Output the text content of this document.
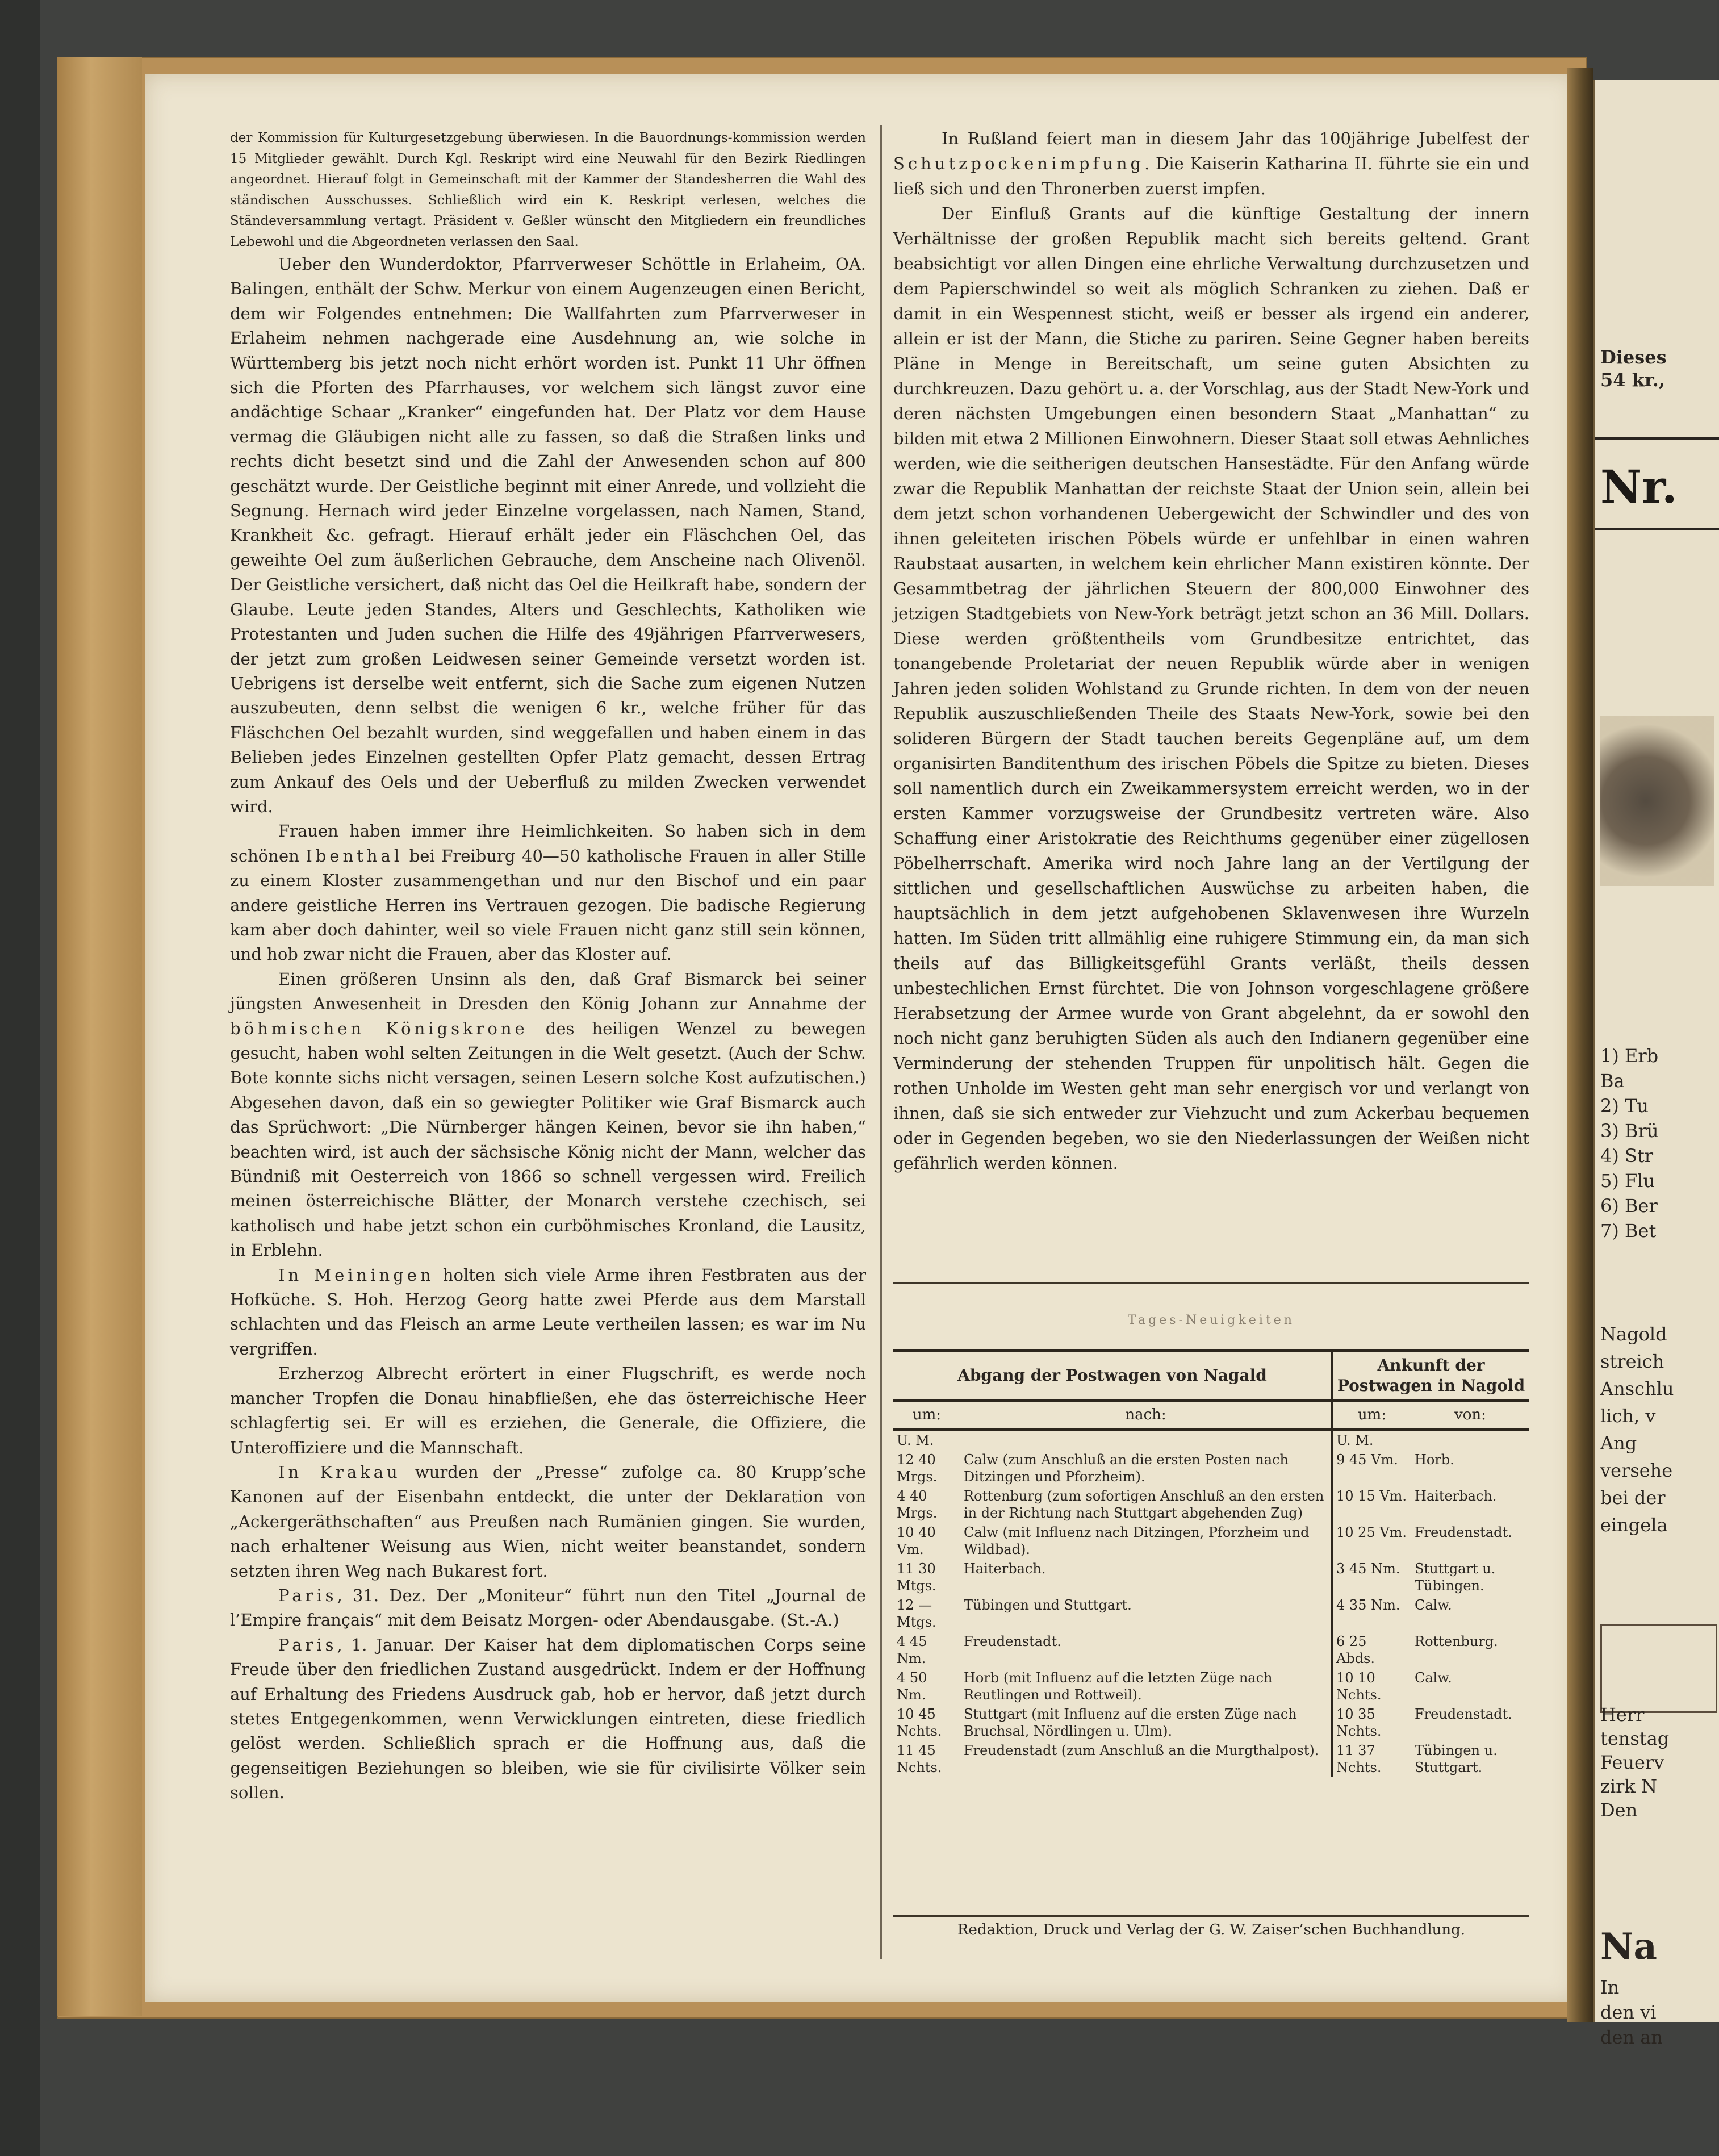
der Kommission für Kulturgesetzgebung überwiesen. In die Bauordnungs-kommission werden 15 Mitglieder gewählt. Durch Kgl. Reskript wird eine Neuwahl für den Bezirk Riedlingen angeordnet. Hierauf folgt in Gemeinschaft mit der Kammer der Standesherren die Wahl des ständischen Ausschusses. Schließlich wird ein K. Reskript verlesen, welches die Ständeversammlung vertagt. Präsident v. Geßler wünscht den Mitgliedern ein freundliches Lebewohl und die Abgeordneten verlassen den Saal.

Ueber den Wunderdoktor, Pfarrverweser Schöttle in Erlaheim, OA. Balingen, enthält der Schw. Merkur von einem Augenzeugen einen Bericht, dem wir Folgendes entnehmen: Die Wallfahrten zum Pfarrverweser in Erlaheim nehmen nachgerade eine Ausdehnung an, wie solche in Württemberg bis jetzt noch nicht erhört worden ist. Punkt 11 Uhr öffnen sich die Pforten des Pfarrhauses, vor welchem sich längst zuvor eine andächtige Schaar „Kranker“ eingefunden hat. Der Platz vor dem Hause vermag die Gläubigen nicht alle zu fassen, so daß die Straßen links und rechts dicht besetzt sind und die Zahl der Anwesenden schon auf 800 geschätzt wurde. Der Geistliche beginnt mit einer Anrede, und vollzieht die Segnung. Hernach wird jeder Einzelne vorgelassen, nach Namen, Stand, Krankheit &c. gefragt. Hierauf erhält jeder ein Fläschchen Oel, das geweihte Oel zum äußerlichen Gebrauche, dem Anscheine nach Olivenöl. Der Geistliche versichert, daß nicht das Oel die Heilkraft habe, sondern der Glaube. Leute jeden Standes, Alters und Geschlechts, Katholiken wie Protestanten und Juden suchen die Hilfe des 49jährigen Pfarrverwesers, der jetzt zum großen Leidwesen seiner Gemeinde versetzt worden ist. Uebrigens ist derselbe weit entfernt, sich die Sache zum eigenen Nutzen auszubeuten, denn selbst die wenigen 6 kr., welche früher für das Fläschchen Oel bezahlt wurden, sind weggefallen und haben einem in das Belieben jedes Einzelnen gestellten Opfer Platz gemacht, dessen Ertrag zum Ankauf des Oels und der Ueberfluß zu milden Zwecken verwendet wird.

Frauen haben immer ihre Heimlichkeiten. So haben sich in dem schönen Ibenthal bei Freiburg 40—50 katholische Frauen in aller Stille zu einem Kloster zusammengethan und nur den Bischof und ein paar andere geistliche Herren ins Vertrauen gezogen. Die badische Regierung kam aber doch dahinter, weil so viele Frauen nicht ganz still sein können, und hob zwar nicht die Frauen, aber das Kloster auf.

Einen größeren Unsinn als den, daß Graf Bismarck bei seiner jüngsten Anwesenheit in Dresden den König Johann zur Annahme der böhmischen Königskrone des heiligen Wenzel zu bewegen gesucht, haben wohl selten Zeitungen in die Welt gesetzt. (Auch der Schw. Bote konnte sichs nicht versagen, seinen Lesern solche Kost aufzutischen.) Abgesehen davon, daß ein so gewiegter Politiker wie Graf Bismarck auch das Sprüchwort: „Die Nürnberger hängen Keinen, bevor sie ihn haben,“ beachten wird, ist auch der sächsische König nicht der Mann, welcher das Bündniß mit Oesterreich von 1866 so schnell vergessen wird. Freilich meinen österreichische Blätter, der Monarch verstehe czechisch, sei katholisch und habe jetzt schon ein curböhmisches Kronland, die Lausitz, in Erblehn.

In Meiningen holten sich viele Arme ihren Festbraten aus der Hofküche. S. Hoh. Herzog Georg hatte zwei Pferde aus dem Marstall schlachten und das Fleisch an arme Leute vertheilen lassen; es war im Nu vergriffen.

Erzherzog Albrecht erörtert in einer Flugschrift, es werde noch mancher Tropfen die Donau hinabfließen, ehe das österreichische Heer schlagfertig sei. Er will es erziehen, die Generale, die Offiziere, die Unteroffiziere und die Mannschaft.

In Krakau wurden der „Presse“ zufolge ca. 80 Krupp’sche Kanonen auf der Eisenbahn entdeckt, die unter der Deklaration von „Ackergeräthschaften“ aus Preußen nach Rumänien gingen. Sie wurden, nach erhaltener Weisung aus Wien, nicht weiter beanstandet, sondern setzten ihren Weg nach Bukarest fort.

Paris, 31. Dez. Der „Moniteur“ führt nun den Titel „Journal de l’Empire français“ mit dem Beisatz Morgen- oder Abendausgabe. (St.-A.)

Paris, 1. Januar. Der Kaiser hat dem diplomatischen Corps seine Freude über den friedlichen Zustand ausgedrückt. Indem er der Hoffnung auf Erhaltung des Friedens Ausdruck gab, hob er hervor, daß jetzt durch stetes Entgegenkommen, wenn Verwicklungen eintreten, diese friedlich gelöst werden. Schließlich sprach er die Hoffnung aus, daß die gegenseitigen Beziehungen so bleiben, wie sie für civilisirte Völker sein sollen.

In Rußland feiert man in diesem Jahr das 100jährige Jubelfest der Schutzpockenimpfung. Die Kaiserin Katharina II. führte sie ein und ließ sich und den Thronerben zuerst impfen.

Der Einfluß Grants auf die künftige Gestaltung der innern Verhältnisse der großen Republik macht sich bereits geltend. Grant beabsichtigt vor allen Dingen eine ehrliche Verwaltung durchzusetzen und dem Papierschwindel so weit als möglich Schranken zu ziehen. Daß er damit in ein Wespennest sticht, weiß er besser als irgend ein anderer, allein er ist der Mann, die Stiche zu pariren. Seine Gegner haben bereits Pläne in Menge in Bereitschaft, um seine guten Absichten zu durchkreuzen. Dazu gehört u. a. der Vorschlag, aus der Stadt New-York und deren nächsten Umgebungen einen besondern Staat „Manhattan“ zu bilden mit etwa 2 Millionen Einwohnern. Dieser Staat soll etwas Aehnliches werden, wie die seitherigen deutschen Hansestädte. Für den Anfang würde zwar die Republik Manhattan der reichste Staat der Union sein, allein bei dem jetzt schon vorhandenen Uebergewicht der Schwindler und des von ihnen geleiteten irischen Pöbels würde er unfehlbar in einen wahren Raubstaat ausarten, in welchem kein ehrlicher Mann existiren könnte. Der Gesammtbetrag der jährlichen Steuern der 800,000 Einwohner des jetzigen Stadtgebiets von New-York beträgt jetzt schon an 36 Mill. Dollars. Diese werden größtentheils vom Grundbesitze entrichtet, das tonangebende Proletariat der neuen Republik würde aber in wenigen Jahren jeden soliden Wohlstand zu Grunde richten. In dem von der neuen Republik auszuschließenden Theile des Staats New-York, sowie bei den solideren Bürgern der Stadt tauchen bereits Gegenpläne auf, um dem organisirten Banditenthum des irischen Pöbels die Spitze zu bieten. Dieses soll namentlich durch ein Zweikammersystem erreicht werden, wo in der ersten Kammer vorzugsweise der Grundbesitz vertreten wäre. Also Schaffung einer Aristokratie des Reichthums gegenüber einer zügellosen Pöbelherrschaft. Amerika wird noch Jahre lang an der Vertilgung der sittlichen und gesellschaftlichen Auswüchse zu arbeiten haben, die hauptsächlich in dem jetzt aufgehobenen Sklavenwesen ihre Wurzeln hatten. Im Süden tritt allmählig eine ruhigere Stimmung ein, da man sich theils auf das Billigkeitsgefühl Grants verläßt, theils dessen unbestechlichen Ernst fürchtet. Die von Johnson vorgeschlagene größere Herabsetzung der Armee wurde von Grant abgelehnt, da er sowohl den noch nicht ganz beruhigten Süden als auch den Indianern gegenüber eine Verminderung der stehenden Truppen für unpolitisch hält. Gegen die rothen Unholde im Westen geht man sehr energisch vor und verlangt von ihnen, daß sie sich entweder zur Viehzucht und zum Ackerbau bequemen oder in Gegenden begeben, wo sie den Niederlassungen der Weißen nicht gefährlich werden können.

Tages-Neuigkeiten
Abgang der Postwagen von Nagald		Ankunft der Postwagen in Nagold	
um:	nach:	um:	von:
U. M.		U. M.	
12 40 Mrgs.	Calw (zum Anschluß an die ersten Posten nach Ditzingen und Pforzheim).	9 45 Vm.	Horb.
4 40 Mrgs.	Rottenburg (zum sofortigen Anschluß an den ersten in der Richtung nach Stuttgart abgehenden Zug)	10 15 Vm.	Haiterbach.
10 40 Vm.	Calw (mit Influenz nach Ditzingen, Pforzheim und Wildbad).	10 25 Vm.	Freudenstadt.
11 30 Mtgs.	Haiterbach.	3 45 Nm.	Stuttgart u. Tübingen.
12 — Mtgs.	Tübingen und Stuttgart.	4 35 Nm.	Calw.
4 45 Nm.	Freudenstadt.	6 25 Abds.	Rottenburg.
4 50 Nm.	Horb (mit Influenz auf die letzten Züge nach Reutlingen und Rottweil).	10 10 Nchts.	Calw.
10 45 Nchts.	Stuttgart (mit Influenz auf die ersten Züge nach Bruchsal, Nördlingen u. Ulm).	10 35 Nchts.	Freudenstadt.
11 45 Nchts.	Freudenstadt (zum Anschluß an die Murgthalpost).	11 37 Nchts.	Tübingen u. Stuttgart.
Redaktion, Druck und Verlag der G. W. Zaiser’schen Buchhandlung.
Dieses
54 kr.,
Nr.
1) Erb
Ba
2) Tu
3) Brü
4) Str
5) Flu
6) Ber
7) Bet
Nagold
streich
Anschlu
lich, v
Ang
versehe
bei der
eingela
Herr
tenstag
Feuerv
zirk N
Den
Na
In
den vi
den an
